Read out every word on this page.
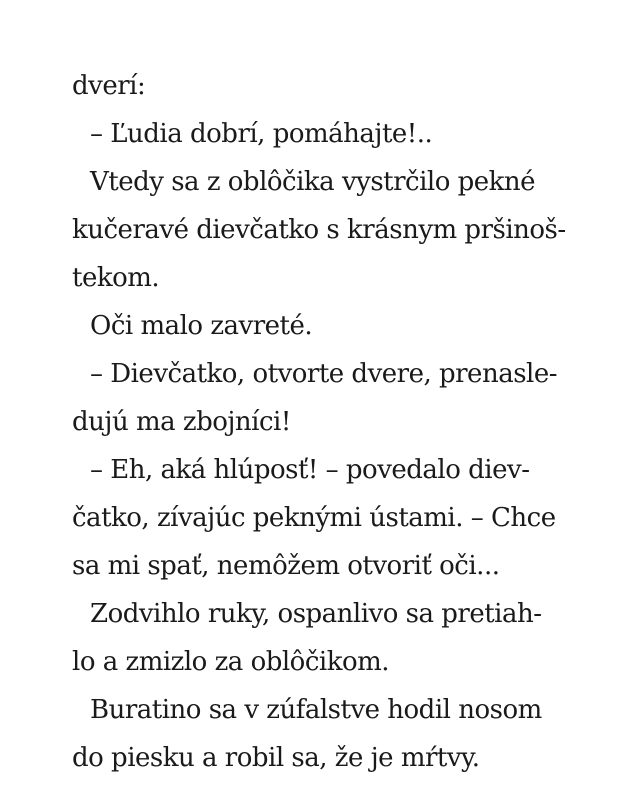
dverí:
– Ľudia dobrí, pomáhajte!..
Vtedy sa z oblôčika vystrčilo pekné
kučeravé dievčatko s krásnym pršinoš-
tekom.
Oči malo zavreté.
– Dievčatko, otvorte dvere, prenasle-
dujú ma zbojníci!
– Eh, aká hlúposť! – povedalo diev-
čatko, zívajúc peknými ústami. – Chce
sa mi spať, nemôžem otvoriť oči...
Zodvihlo ruky, ospanlivo sa pretiah-
lo a zmizlo za oblôčikom.
Buratino sa v zúfalstve hodil nosom
do piesku a robil sa, že je mŕtvy.
